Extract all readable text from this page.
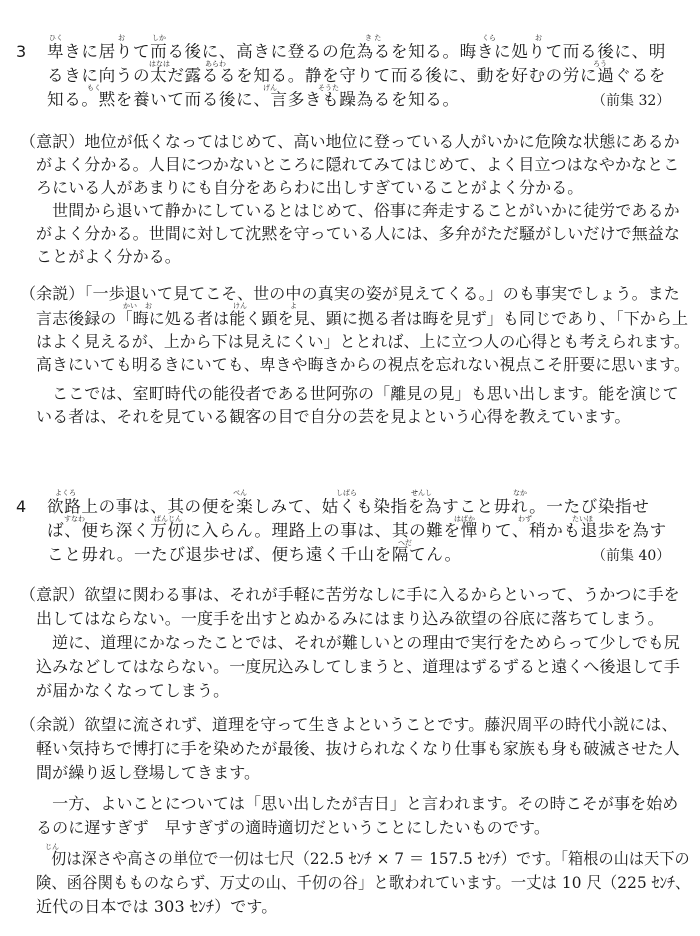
3
ひく	お	しか	き た	くら	お
卑きに居りて而る後に、高きに登るの危為るを知る。晦きに処りて而る後に、明
はなは	あらわ	ろう
るきに向うの太だ露るるを知る。静を守りて而る後に、動を好むの労に過ぐるを
もく	げん	そうた
知る。黙を養いて而る後に、言多きも躁為るを知る。	（前集 32）
（意訳）地位が低くなってはじめて、高い地位に登っている人がいかに危険な状態にあるか
がよく分かる。人目につかないところに隠れてみてはじめて、よく目立つはなやかなとこ
ろにいる人があまりにも自分をあらわに出しすぎていることがよく分かる。
　世間から退いて静かにしているとはじめて、俗事に奔走することがいかに徒労であるか
がよく分かる。世間に対して沈黙を守っている人には、多弁がただ騒がしいだけで無益な
ことがよく分かる。
（余説）「一歩退いて見てこそ、世の中の真実の姿が見えてくる。」のも事実でしょう。また
かい お	けん	よ
言志後録の「晦に処る者は能く顕を見、顕に拠る者は晦を見ず」も同じであり、「下から上
はよく見えるが、上から下は見えにくい」ととれば、上に立つ人の心得とも考えられます。
高きにいても明るきにいても、卑きや晦きからの視点を忘れない視点こそ肝要に思います。
　ここでは、室町時代の能役者である世阿弥の「離見の見」も思い出します。能を演じて
いる者は、それを見ている観客の目で自分の芸を見よという心得を教えています。
4
よくろ	べん	しばら	せんし	なか
欲路上の事は、其の便を楽しみて、姑くも染指を為すこと毋れ。一たび染指せ
すなわ	ばんじん	はばか	わず	たいほ
ば、便ち深く万仞に入らん。理路上の事は、其の難を憚りて、稍かも退歩を為す
へだ
こと毋れ。一たび退歩せば、便ち遠く千山を隔てん。	（前集 40）
（意訳）欲望に関わる事は、それが手軽に苦労なしに手に入るからといって、うかつに手を
出してはならない。一度手を出すとぬかるみにはまり込み欲望の谷底に落ちてしまう。
　逆に、道理にかなったことでは、それが難しいとの理由で実行をためらって少しでも尻
込みなどしてはならない。一度尻込みしてしまうと、道理はずるずると遠くへ後退して手
が届かなくなってしまう。
（余説）欲望に流されず、道理を守って生きよということです。藤沢周平の時代小説には、
軽い気持ちで博打に手を染めたが最後、抜けられなくなり仕事も家族も身も破滅させた人
間が繰り返し登場してきます。
　一方、よいことについては「思い出したが吉日」と言われます。その時こそが事を始め
るのに遅すぎず　早すぎずの適時適切だということにしたいものです。
じん
　仞は深さや高さの単位で一仞は七尺（22.5 ｾﾝﾁ × 7 ＝ 157.5 ｾﾝﾁ）です。「箱根の山は天下の
険、函谷関もものならず、万丈の山、千仞の谷」と歌われています。一丈は 10 尺（225 ｾﾝﾁ、
近代の日本では 303 ｾﾝﾁ）です。
